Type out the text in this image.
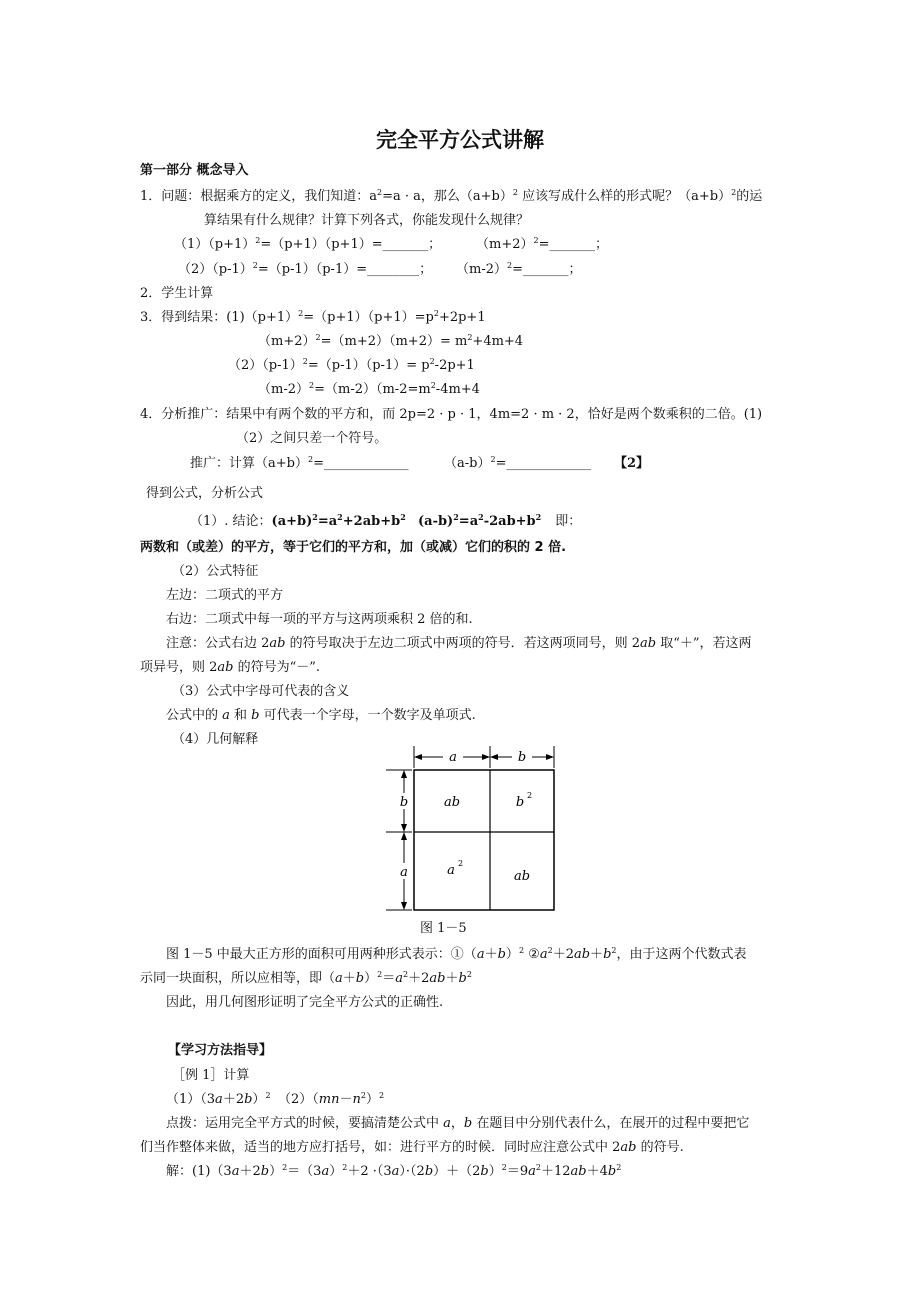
完全平方公式讲解
第一部分 概念导入
1．问题：根据乘方的定义，我们知道：$a^2=a \cdot a$，那么$(a+b)^2$ 应该写成什么样的形式呢？$(a+b)^2$的运
算结果有什么规律？计算下列各式，你能发现什么规律？
$(1)(p+1)^2=(p+1)(p+1)=\_\_\_\_\_\_\_$；	$(m+2)^2=\_\_\_\_\_\_\_$；
$(2)(p-1)^2=(p-1)(p-1)=\_\_\_\_\_\_\_\_$； $(m-2)^2=\_\_\_\_\_\_\_$；
2．学生计算
3．得到结果：$(1)(p+1)^2=(p+1)(p+1)=p^2+2p+1$
$(m+2)^2=(m+2)(m+2)= m^2+4m+4$
$(2)(p-1)^2=(p-1)(p-1)= p^2-2p+1$
$(m-2)^2=(m-2)(m-2=m^2-4m+4$
4．分析推广：结果中有两个数的平方和，而 2p=2 · p · 1，4m=2 · m · 2，恰好是两个数乘积的二倍。(1)
（2）之间只差一个符号。
推广：计算$(a+b)^2=\_\_\_\_\_\_\_\_\_\_\_\_\_$	$(a-b)^2=\_\_\_\_\_\_\_\_\_\_\_\_\_$ 【2】
得到公式，分析公式
（1）. 结论：$(a+b)^2=a^2+2ab+b^2$ $(a-b)^2=a^2-2ab+b^2$ 即：
两数和（或差）的平方，等于它们的平方和，加（或减）它们的积的 2 倍.
（2）公式特征
左边：二项式的平方
右边：二项式中每一项的平方与这两项乘积 2 倍的和.
注意：公式右边 2ab 的符号取决于左边二项式中两项的符号．若这两项同号，则 2ab 取“＋”，若这两
项异号，则 2ab 的符号为“－”.
（3）公式中字母可代表的含义
公式中的 a 和 b 可代表一个字母，一个数字及单项式.
（4）几何解释
a	b
b
a
ab	b 2
a 2
ab
图 1－5
图 1－5 中最大正方形的面积可用两种形式表示：$①(a+b)^2$ $②a^2+2ab+b^2$，由于这两个代数式表
示同一块面积，所以应相等，即$(a+b)^2=a^2+2ab+b^2$
因此，用几何图形证明了完全平方公式的正确性.
【学习方法指导】
［例 1］计算
$(1)(3a+2b)^2$ $(2)(mn-n^2)^2$
点拨：运用完全平方式的时候，要搞清楚公式中 a，b 在题目中分别代表什么，在展开的过程中要把它
们当作整体来做，适当的地方应打括号，如：进行平方的时候．同时应注意公式中 2ab 的符号.
解：$(1)(3a+2b)^2=(3a)^2+2 \cdot(3a)\cdot(2b)+(2b)^2=9a^2+12ab+4b^2$
